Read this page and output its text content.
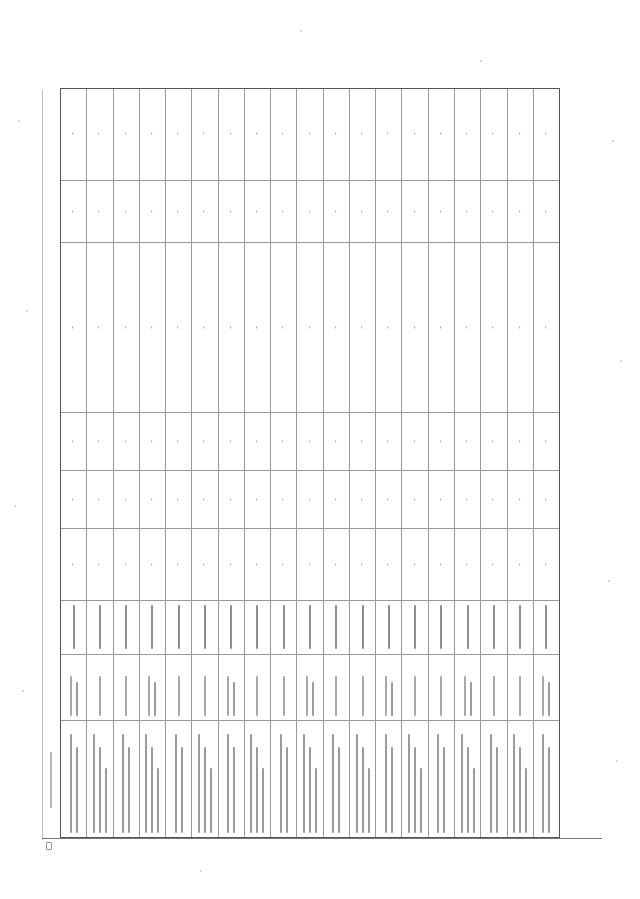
-
-
-
-
-
-
-
-
-
-
-
-
-
-
-
-
-
-
-
-
-
-
-
-
-
-
-
-
-
-
-
-
-
-
-
-
-
-
-
-
-
-
-
-
-
-
-
-
-
-
-
-
-
-
-
-
-
-
-
-
-
-
-
-
-
-
-
-
-
-
-
-
-
-
-
-
-
-
-
-
-
-
-
-
-
-
-
-
-
-
-
-
-
-
-
-
-
-
-
-
-
-
-
-
-
-
-
-
-
-
-
-
-
-
